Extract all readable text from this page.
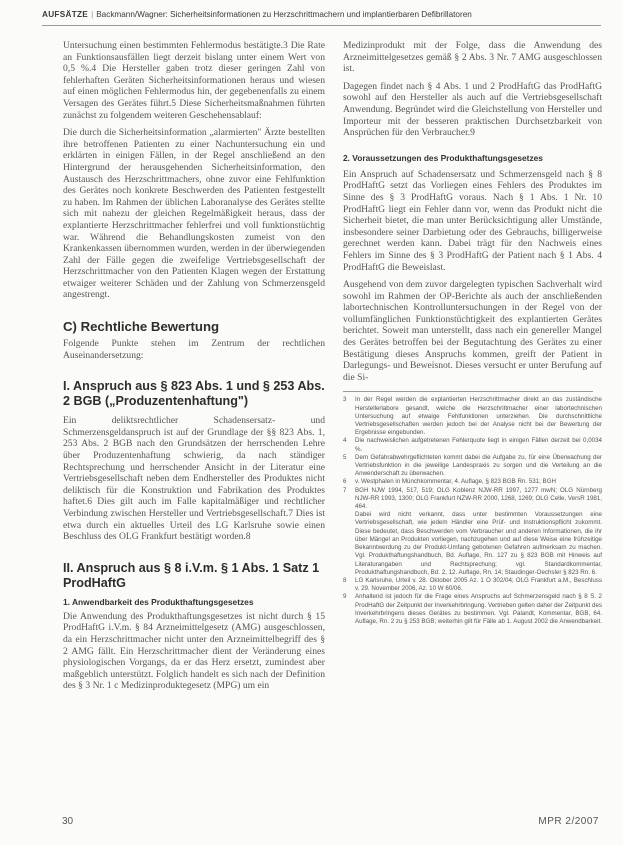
AUFSÄTZE | Backmann/Wagner: Sicherheitsinformationen zu Herzschrittmachern und implantierbaren Defibrillatoren

Untersuchung einen bestimmten Fehlermodus bestätigte.3 Die Rate an Funktionsausfällen liegt derzeit bislang unter einem Wert von 0,5 %.4 Die Hersteller gaben trotz dieser geringen Zahl von fehlerhaften Geräten Sicherheitsinformationen heraus und wiesen auf einen möglichen Fehlermodus hin, der gegebenenfalls zu einem Versagen des Gerätes führt.5 Diese Sicherheitsmaßnahmen führten zunächst zu folgendem weiteren Geschehensablauf:

Die durch die Sicherheitsinformation „alarmierten" Ärzte bestellten ihre betroffenen Patienten zu einer Nachuntersuchung ein und erklärten in einigen Fällen, in der Regel anschließend an den Hintergrund der herausgehenden Sicherheitsinformation, den Austausch des Herzschrittmachers, ohne zuvor eine Fehlfunktion des Gerätes noch konkrete Beschwerden des Patienten festgestellt zu haben. Im Rahmen der üblichen Laboranalyse des Gerätes stellte sich mit nahezu der gleichen Regelmäßigkeit heraus, dass der explantierte Herzschrittmacher fehlerfrei und voll funktionstüchtig war. Während die Behandlungskosten zumeist von den Krankenkassen übernommen wurden, werden in der überwiegenden Zahl der Fälle gegen die zweifelige Vertriebsgesellschaft der Herzschrittmacher von den Patienten Klagen wegen der Erstattung etwaiger weiterer Schäden und der Zahlung von Schmerzensgeld angestrengt.

C) Rechtliche Bewertung

Folgende Punkte stehen im Zentrum der rechtlichen Auseinandersetzung:

I. Anspruch aus § 823 Abs. 1 und § 253 Abs. 2 BGB („Produzentenhaftung")

Ein deliktsrechtlicher Schadensersatz- und Schmerzensgeldanspruch ist auf der Grundlage der §§ 823 Abs. 1, 253 Abs. 2 BGB nach den Grundsätzen der herrschenden Lehre über Produzentenhaftung schwierig, da nach ständiger Rechtsprechung und herrschender Ansicht in der Literatur eine Vertriebsgesellschaft neben dem Endhersteller des Produktes nicht deliktisch für die Konstruktion und Fabrikation des Produktes haftet.6 Dies gilt auch im Falle kapitalmäßiger und rechtlicher Verbindung zwischen Hersteller und Vertriebsgesellschaft.7 Dies ist etwa durch ein aktuelles Urteil des LG Karlsruhe sowie einen Beschluss des OLG Frankfurt bestätigt worden.8

II. Anspruch aus § 8 i.V.m. § 1 Abs. 1 Satz 1 ProdHaftG
1. Anwendbarkeit des Produkthaftungsgesetzes

Die Anwendung des Produkthaftungsgesetzes ist nicht durch § 15 ProdHaftG i.V.m. § 84 Arzneimittelgesetz (AMG) ausgeschlossen, da ein Herzschrittmacher nicht unter den Arzneimittelbegriff des § 2 AMG fällt. Ein Herzschrittmacher dient der Veränderung eines physiologischen Vorgangs, da er das Herz ersetzt, zumindest aber maßgeblich unterstützt. Folglich handelt es sich nach der Definition des § 3 Nr. 1 c Medizinproduktegesetz (MPG) um ein

Medizinprodukt mit der Folge, dass die Anwendung des Arzneimittelgesetzes gemäß § 2 Abs. 3 Nr. 7 AMG ausgeschlossen ist.

Dagegen findet nach § 4 Abs. 1 und 2 ProdHaftG das ProdHaftG sowohl auf den Hersteller als auch auf die Vertriebsgesellschaft Anwendung. Begründet wird die Gleichstellung von Hersteller und Importeur mit der besseren praktischen Durchsetzbarkeit von Ansprüchen für den Verbraucher.9

2. Voraussetzungen des Produkthaftungsgesetzes

Ein Anspruch auf Schadensersatz und Schmerzensgeld nach § 8 ProdHaftG setzt das Vorliegen eines Fehlers des Produktes im Sinne des § 3 ProdHaftG voraus. Nach § 1 Abs. 1 Nr. 10 ProdHaftG liegt ein Fehler dann vor, wenn das Produkt nicht die Sicherheit bietet, die man unter Berücksichtigung aller Umstände, insbesondere seiner Darbietung oder des Gebrauchs, billigerweise gerechnet werden kann. Dabei trägt für den Nachweis eines Fehlers im Sinne des § 3 ProdHaftG der Patient nach § 1 Abs. 4 ProdHaftG die Beweislast.

Ausgehend von dem zuvor dargelegten typischen Sachverhalt wird sowohl im Rahmen der OP-Berichte als auch der anschließenden labortechnischen Kontrolluntersuchungen in der Regel von der vollumfänglichen Funktionstüchtigkeit des explantierten Gerätes berichtet. Soweit man unterstellt, dass nach ein genereller Mangel des Gerätes betroffen bei der Begutachtung des Gerätes zu einer Bestätigung dieses Anspruchs kommen, greift der Patient in Darlegungs- und Beweisnot. Dieses versucht er unter Berufung auf die Si-

3	In der Regel werden die explantierten Herzschrittmacher direkt an das zuständische Herstellerlabore gesandt, welche die Herzschrittmacher einer labortechnischen Untersuchung auf etwaige Fehlfunktionen unterziehen. Die durchschnittliche Vertriebsgesellschaften werden jedoch bei der Analyse nicht bei der Bewertung der Ergebnisse eingebunden.
4	Die nachweislichen aufgetretenen Fehlerquote liegt in einigen Fällen derzeit bei 0,0034 %.
5	Dem Gefahrabwehrgeflichteten kommt dabei die Aufgabe zu, für eine Überwachung der Vertriebsfunktion in die jeweilige Landespraxis zu sorgen und die Verteilung an die Anwenderschaft zu überwachen.
6	v. Westphalen in Münchkommentar, 4. Auflage, § 823 BGB Rn. 531; BGH
7	BGH NJW 1994, 517, 519; OLG Koblenz NJW-RR 1997, 1277 mwN; OLG Nürnberg NJW-RR 1993, 1300; OLG Frankfurt NZW-RR 2000, 1268, 1269; OLG Celle, VersR 1981, 464.
Dabei wird nicht verkannt, dass unter bestimmten Voraussetzungen eine Vertriebsgesellschaft, wie jedem Händler eine Prüf- und Instruktionspflicht zukommt. Diese bedeutet, dass Beschwerden vom Verbraucher und anderen Informationen, die ihr über Mängel an Produkten vorliegen, nachzugehen und auf diese Weise eine frühzeitige Bekanntwerdung zu der Produkt-Umfang gebotenen Gefahren aufmerksam zu machen. Vgl. Produkthaftungshandbuch, Bd. Auflage, Rn. 127 zu § 823 BGB mit Hinweis auf Literaturangaben und Rechtsprechung; vgl. Standardkommentar, Produkthaftungshandbuch, Bd. 2, 12. Auflage, Rn. 14; Staudinger-Oechsler § 823 Rn. 6.
8	LG Karlsruhe, Urteil v. 28. Oktober 2005 Az. 1 O 302/04; OLG Frankfurt a.M., Beschluss v. 29. November 2006, Az. 10 W 60/06.
9	Anhaltend ist jedoch für die Frage eines Anspruchs auf Schmerzensgeld nach § 8 S. 2 ProdHaftG der Zeitpunkt der Inverkehrbringung. Vertrieben gelten daher der Zeitpunkt des Inverkehrbringens dieses Gerätes zu bestimmen. Vgl. Palandt, Kommentar, BGB, 64. Auflage, Rn. 2 zu § 253 BGB; weiterhin gilt für Fälle ab 1. August 2002 die Anwendbarkeit.
30	MPR 2/2007
